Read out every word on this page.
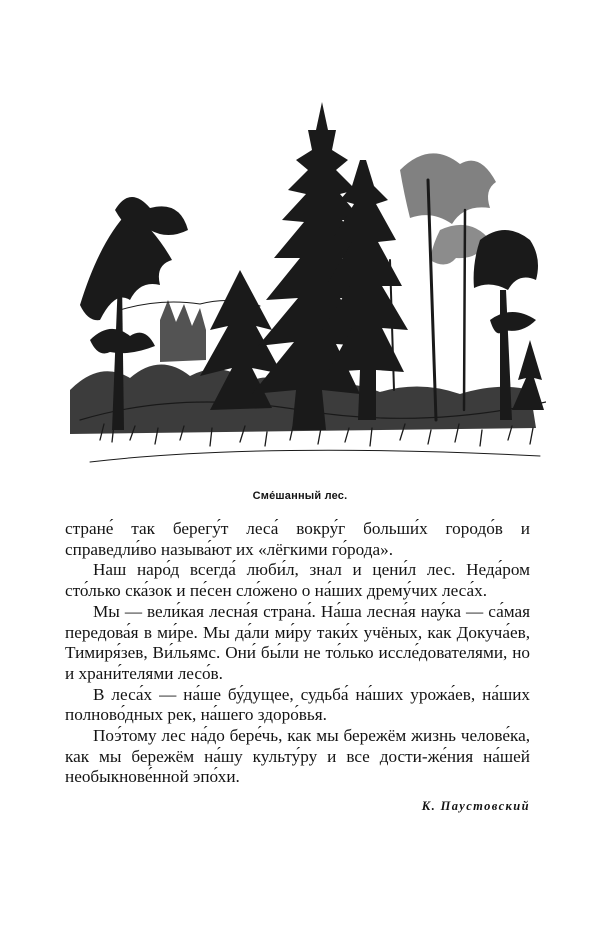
Сме́шанный лес.

стране́ так берегу́т леса́ вокру́г больши́х городо́в и справедли́во называ́ют их «лёгкими го́рода».

Наш наро́д всегда́ люби́л, знал и цени́л лес. Неда́ром сто́лько ска́зок и пе́сен сло́жено о на́ших дрему́чих леса́х.

Мы — вели́кая лесна́я страна́. На́ша лесна́я нау́ка — са́мая передова́я в ми́ре. Мы да́ли ми́ру таки́х учёных, как Докуча́ев, Тимиря́зев, Ви́льямс. Они́ бы́ли не то́лько иссле́дователями, но и храни́телями лесо́в.

В леса́х — на́ше бу́дущее, судьба́ на́ших урожа́ев, на́ших полново́дных рек, на́шего здоро́вья.

Поэ́тому лес на́до бере́чь, как мы бережём жизнь челове́ка, как мы бережём на́шу культу́ру и все дости-же́ния на́шей необыкнове́нной эпо́хи.

К. Паустовский
